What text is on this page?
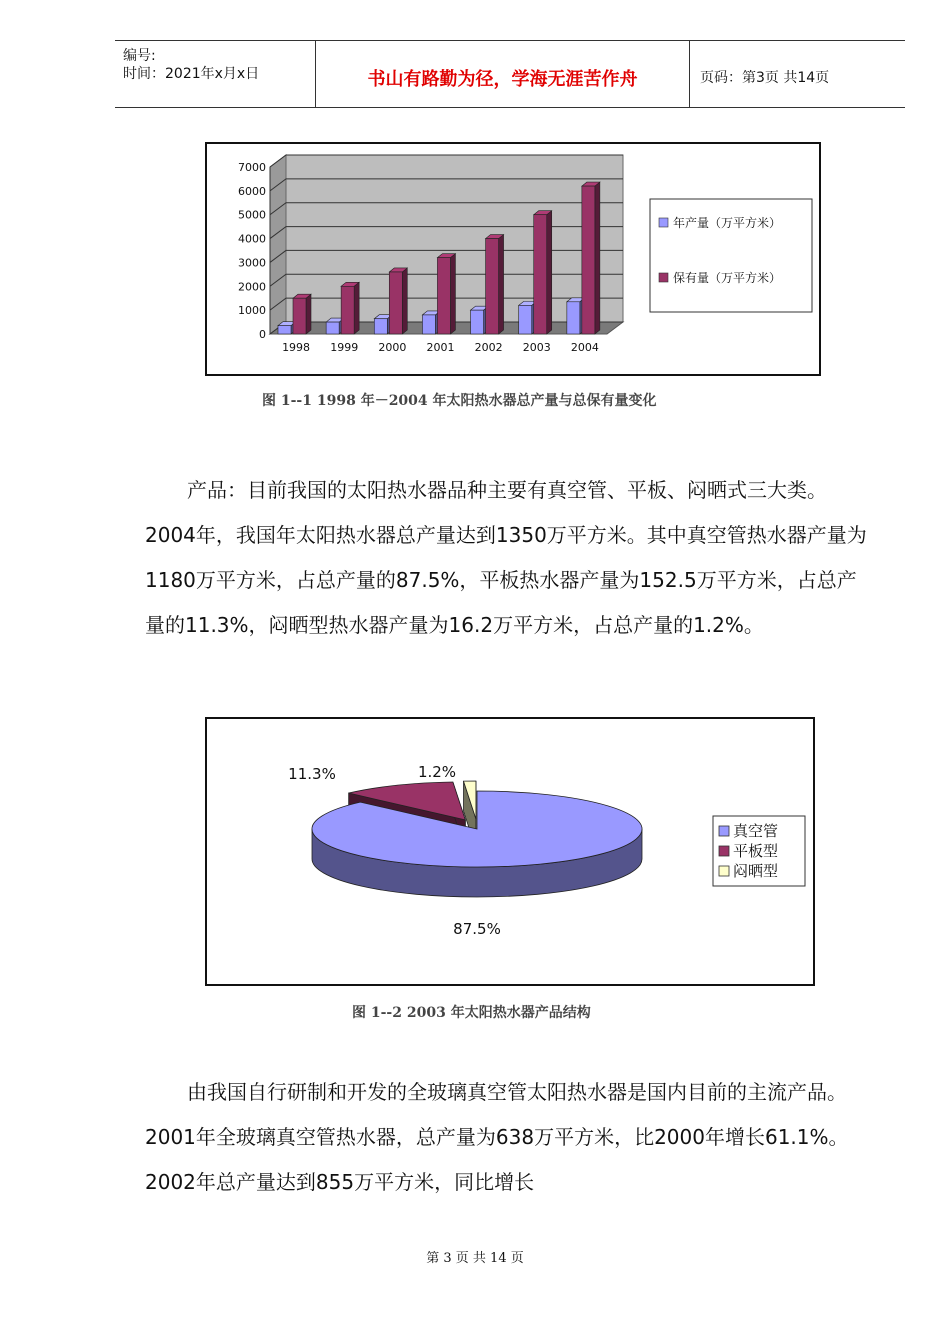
编号:
时间：2021年x月x日	书山有路勤为径，学海无涯苦作舟	页码：第3页 共14页
0
1000
2000
3000
4000
5000
6000
7000
1998 1999 2000 2001 2002 2003 2004
年产量（万平方米）
保有量（万平方米）
图 1--1 1998 年－2004 年太阳热水器总产量与总保有量变化

产品：目前我国的太阳热水器品种主要有真空管、平板、闷晒式三大类。2004年，我国年太阳热水器总产量达到1350万平方米。其中真空管热水器产量为1180万平方米，占总产量的87.5%，平板热水器产量为152.5万平方米，占总产量的11.3%，闷晒型热水器产量为16.2万平方米，占总产量的1.2%。

87.5%
11.3%	1.2%
真空管
平板型
闷晒型
图 1--2 2003 年太阳热水器产品结构

由我国自行研制和开发的全玻璃真空管太阳热水器是国内目前的主流产品。2001年全玻璃真空管热水器，总产量为638万平方米，比2000年增长61.1%。2002年总产量达到855万平方米，同比增长

第 3 页 共 14 页
